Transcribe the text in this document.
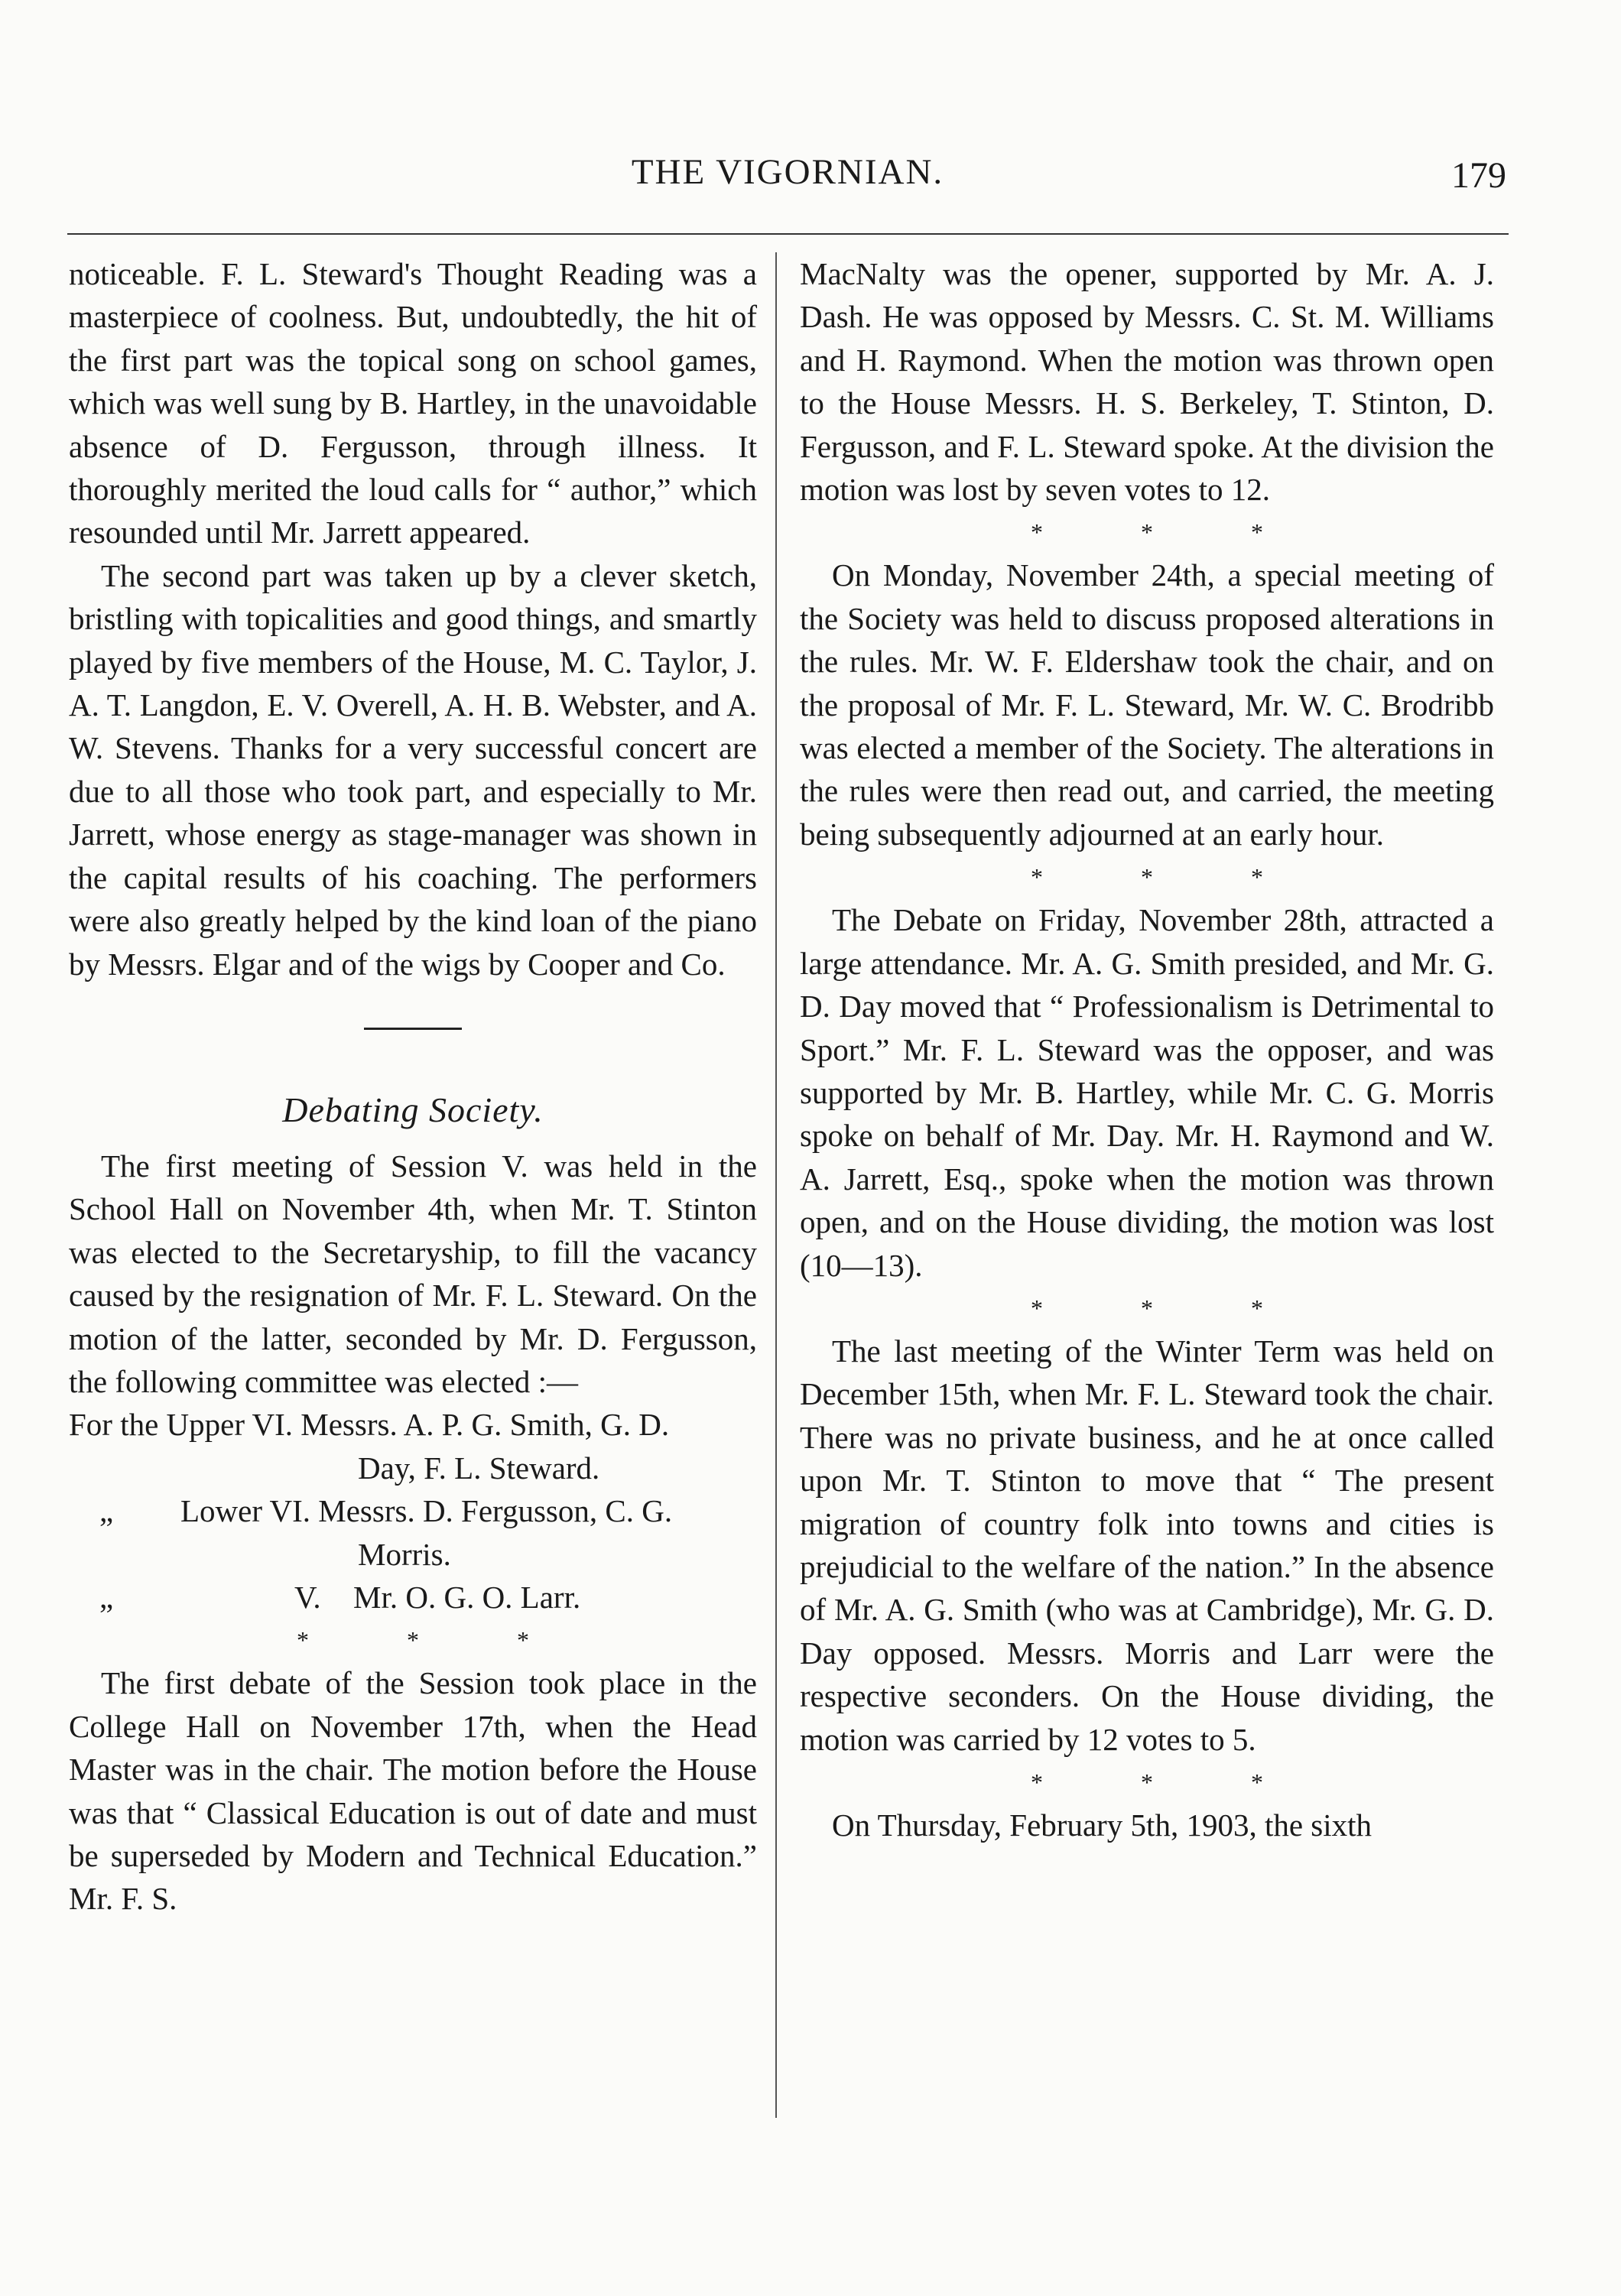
THE VIGORNIAN.	179

noticeable. F. L. Steward's Thought Reading was a masterpiece of coolness. But, undoubtedly, the hit of the first part was the topical song on school games, which was well sung by B. Hartley, in the unavoidable absence of D. Fergusson, through illness. It thoroughly merited the loud calls for “ author,” which resounded until Mr. Jarrett appeared.

The second part was taken up by a clever sketch, bristling with topicalities and good things, and smartly played by five members of the House, M. C. Taylor, J. A. T. Langdon, E. V. Overell, A. H. B. Webster, and A. W. Stevens. Thanks for a very successful concert are due to all those who took part, and especially to Mr. Jarrett, whose energy as stage-manager was shown in the capital results of his coaching. The performers were also greatly helped by the kind loan of the piano by Messrs. Elgar and of the wigs by Cooper and Co.

Debating Society.

The first meeting of Session V. was held in the School Hall on November 4th, when Mr. T. Stinton was elected to the Secretaryship, to fill the vacancy caused by the resignation of Mr. F. L. Steward. On the motion of the latter, seconded by Mr. D. Fergusson, the following committee was elected :—

For the Upper VI. Messrs. A. P. G. Smith, G. D.
Day, F. L. Steward.
„ Lower VI. Messrs. D. Fergusson, C. G.
Morris.
„	V. Mr. O. G. O. Larr.
* * *

The first debate of the Session took place in the College Hall on November 17th, when the Head Master was in the chair. The motion before the House was that “ Classical Education is out of date and must be superseded by Modern and Technical Education.” Mr. F. S.

MacNalty was the opener, supported by Mr. A. J. Dash. He was opposed by Messrs. C. St. M. Williams and H. Raymond. When the motion was thrown open to the House Messrs. H. S. Berkeley, T. Stinton, D. Fergusson, and F. L. Steward spoke. At the division the motion was lost by seven votes to 12.

* * *

On Monday, November 24th, a special meeting of the Society was held to discuss proposed alterations in the rules. Mr. W. F. Eldershaw took the chair, and on the proposal of Mr. F. L. Steward, Mr. W. C. Brodribb was elected a member of the Society. The alterations in the rules were then read out, and carried, the meeting being subsequently adjourned at an early hour.

* * *

The Debate on Friday, November 28th, attracted a large attendance. Mr. A. G. Smith presided, and Mr. G. D. Day moved that “ Professionalism is Detrimental to Sport.” Mr. F. L. Steward was the opposer, and was supported by Mr. B. Hartley, while Mr. C. G. Morris spoke on behalf of Mr. Day. Mr. H. Raymond and W. A. Jarrett, Esq., spoke when the motion was thrown open, and on the House dividing, the motion was lost (10—13).

* * *

The last meeting of the Winter Term was held on December 15th, when Mr. F. L. Steward took the chair. There was no private business, and he at once called upon Mr. T. Stinton to move that “ The present migration of country folk into towns and cities is prejudicial to the welfare of the nation.” In the absence of Mr. A. G. Smith (who was at Cambridge), Mr. G. D. Day opposed. Messrs. Morris and Larr were the respective seconders. On the House dividing, the motion was carried by 12 votes to 5.

* * *

On Thursday, February 5th, 1903, the sixth
